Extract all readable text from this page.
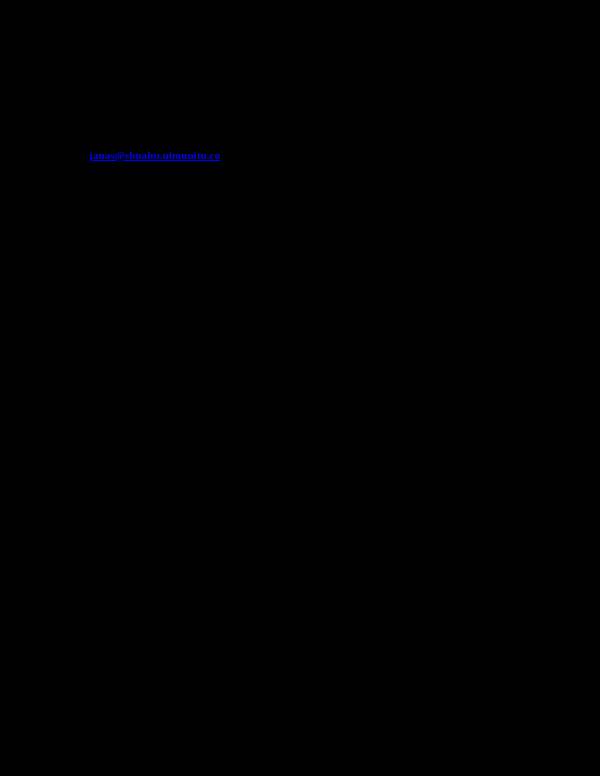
janas@shnahu.ulmunitu.co
